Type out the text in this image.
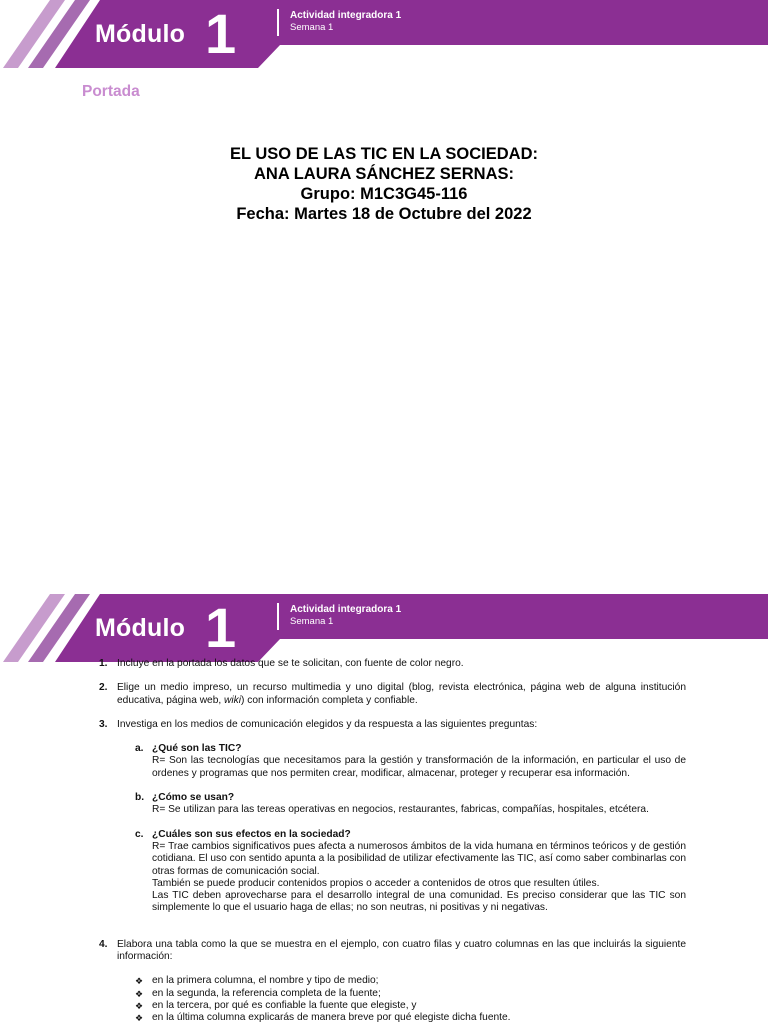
Módulo 1	Actividad integradora 1
Semana 1
Portada
EL USO DE LAS TIC EN LA SOCIEDAD:
ANA LAURA SÁNCHEZ SERNAS:
Grupo: M1C3G45-116
Fecha: Martes 18 de Octubre del 2022
Módulo 1	Actividad integradora 1
Semana 1
1. Incluye en la portada los datos que se te solicitan, con fuente de color negro.
2. Elige un medio impreso, un recurso multimedia y uno digital (blog, revista electrónica, página web de alguna institución educativa, página web, wiki) con información completa y confiable.
3. Investiga en los medios de comunicación elegidos y da respuesta a las siguientes preguntas:
a. ¿Qué son las TIC?
R= Son las tecnologías que necesitamos para la gestión y transformación de la información, en particular el uso de ordenes y programas que nos permiten crear, modificar, almacenar, proteger y recuperar esa información.
b. ¿Cómo se usan?
R= Se utilizan para las tereas operativas en negocios, restaurantes, fabricas, compañías, hospitales, etcétera.
c. ¿Cuáles son sus efectos en la sociedad?
R= Trae cambios significativos pues afecta a numerosos ámbitos de la vida humana en términos teóricos y de gestión cotidiana. El uso con sentido apunta a la posibilidad de utilizar efectivamente las TIC, así como saber combinarlas con otras formas de comunicación social.
También se puede producir contenidos propios o acceder a contenidos de otros que resulten útiles.
Las TIC deben aprovecharse para el desarrollo integral de una comunidad. Es preciso considerar que las TIC son simplemente lo que el usuario haga de ellas; no son neutras, ni positivas y ni negativas.
4. Elabora una tabla como la que se muestra en el ejemplo, con cuatro filas y cuatro columnas en las que incluirás la siguiente información:
❖ en la primera columna, el nombre y tipo de medio;
❖ en la segunda, la referencia completa de la fuente;
❖ en la tercera, por qué es confiable la fuente que elegiste, y
❖ en la última columna explicarás de manera breve por qué elegiste dicha fuente.
